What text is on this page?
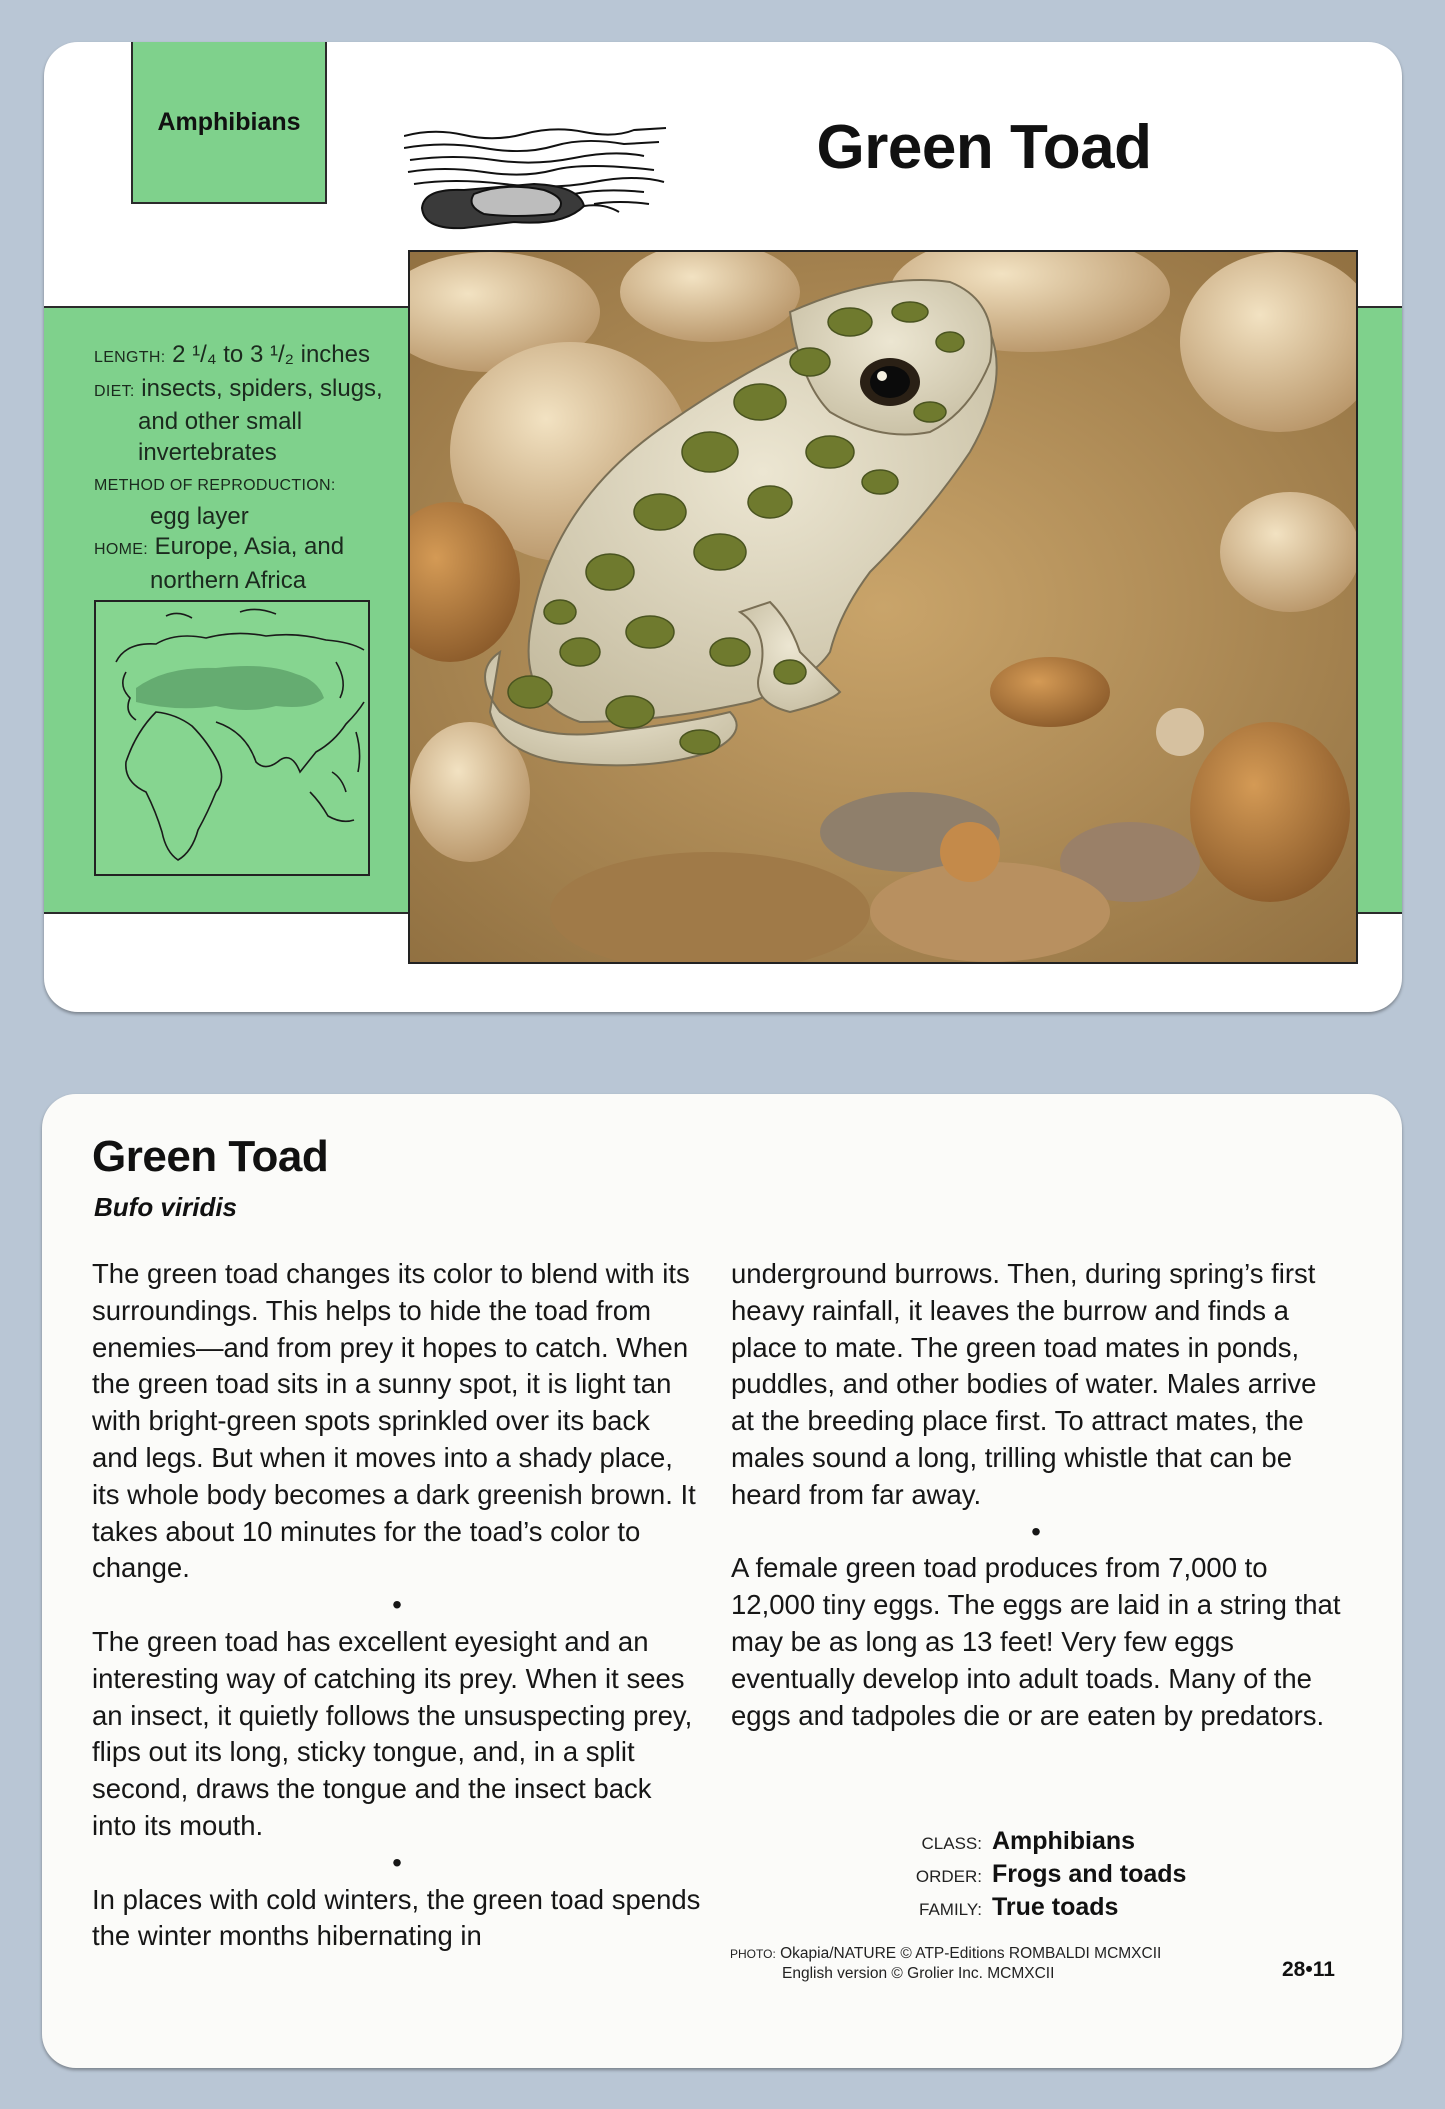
Amphibians	Green Toad
LENGTH: 2 ¹/₄ to 3 ¹/₂ inches
DIET: insects, spiders, slugs,
and other small
invertebrates
METHOD OF REPRODUCTION:
egg layer
HOME: Europe, Asia, and
northern Africa
Green Toad
Bufo viridis

The green toad changes its color to blend with its surroundings. This helps to hide the toad from enemies—and from prey it hopes to catch. When the green toad sits in a sunny spot, it is light tan with bright-green spots sprinkled over its back and legs. But when it moves into a shady place, its whole body becomes a dark greenish brown. It takes about 10 minutes for the toad’s color to change.

•

The green toad has excellent eyesight and an interesting way of catching its prey. When it sees an insect, it quietly follows the unsuspecting prey, flips out its long, sticky tongue, and, in a split second, draws the tongue and the insect back into its mouth.

•

In places with cold winters, the green toad spends the winter months hibernating in

underground burrows. Then, during spring’s first heavy rainfall, it leaves the burrow and finds a place to mate. The green toad mates in ponds, puddles, and other bodies of water. Males arrive at the breeding place first. To attract mates, the males sound a long, trilling whistle that can be heard from far away.

•

A female green toad produces from 7,000 to 12,000 tiny eggs. The eggs are laid in a string that may be as long as 13 feet! Very few eggs eventually develop into adult toads. Many of the eggs and tadpoles die or are eaten by predators.

CLASS: Amphibians
ORDER: Frogs and toads
FAMILY: True toads
PHOTO: Okapia/NATURE © ATP-Editions ROMBALDI MCMXCII
English version © Grolier Inc. MCMXCII	28•11
